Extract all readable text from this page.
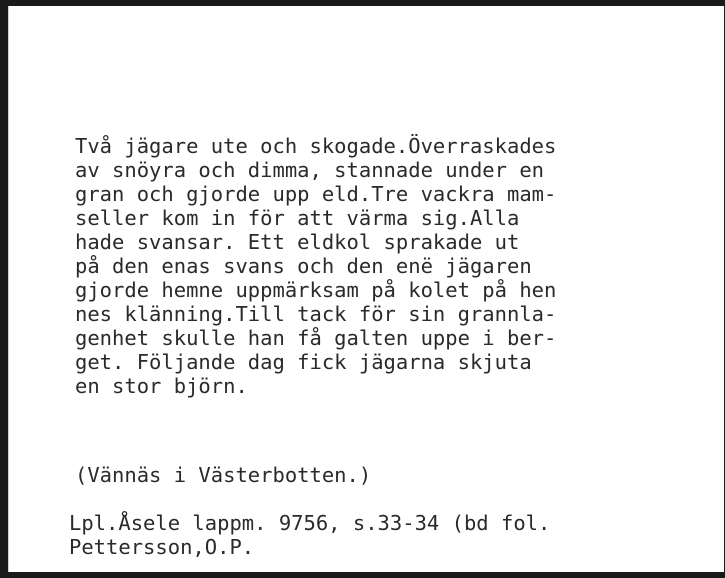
Två jägare ute och skogade.Överraskades
av snöyra och dimma, stannade under en
gran och gjorde upp eld.Tre vackra mam-
seller kom in för att värma sig.Alla
hade svansar. Ett eldkol sprakade ut
på den enas svans och den enë jägaren
gjorde hemne uppmärksam på kolet på hen
nes klänning.Till tack för sin grannla-
genhet skulle han få galten uppe i ber-
get. Följande dag fick jägarna skjuta
en stor björn.
(Vännäs i Västerbotten.)
Lpl.Åsele lappm. 9756, s.33-34 (bd fol.
Pettersson,O.P.
